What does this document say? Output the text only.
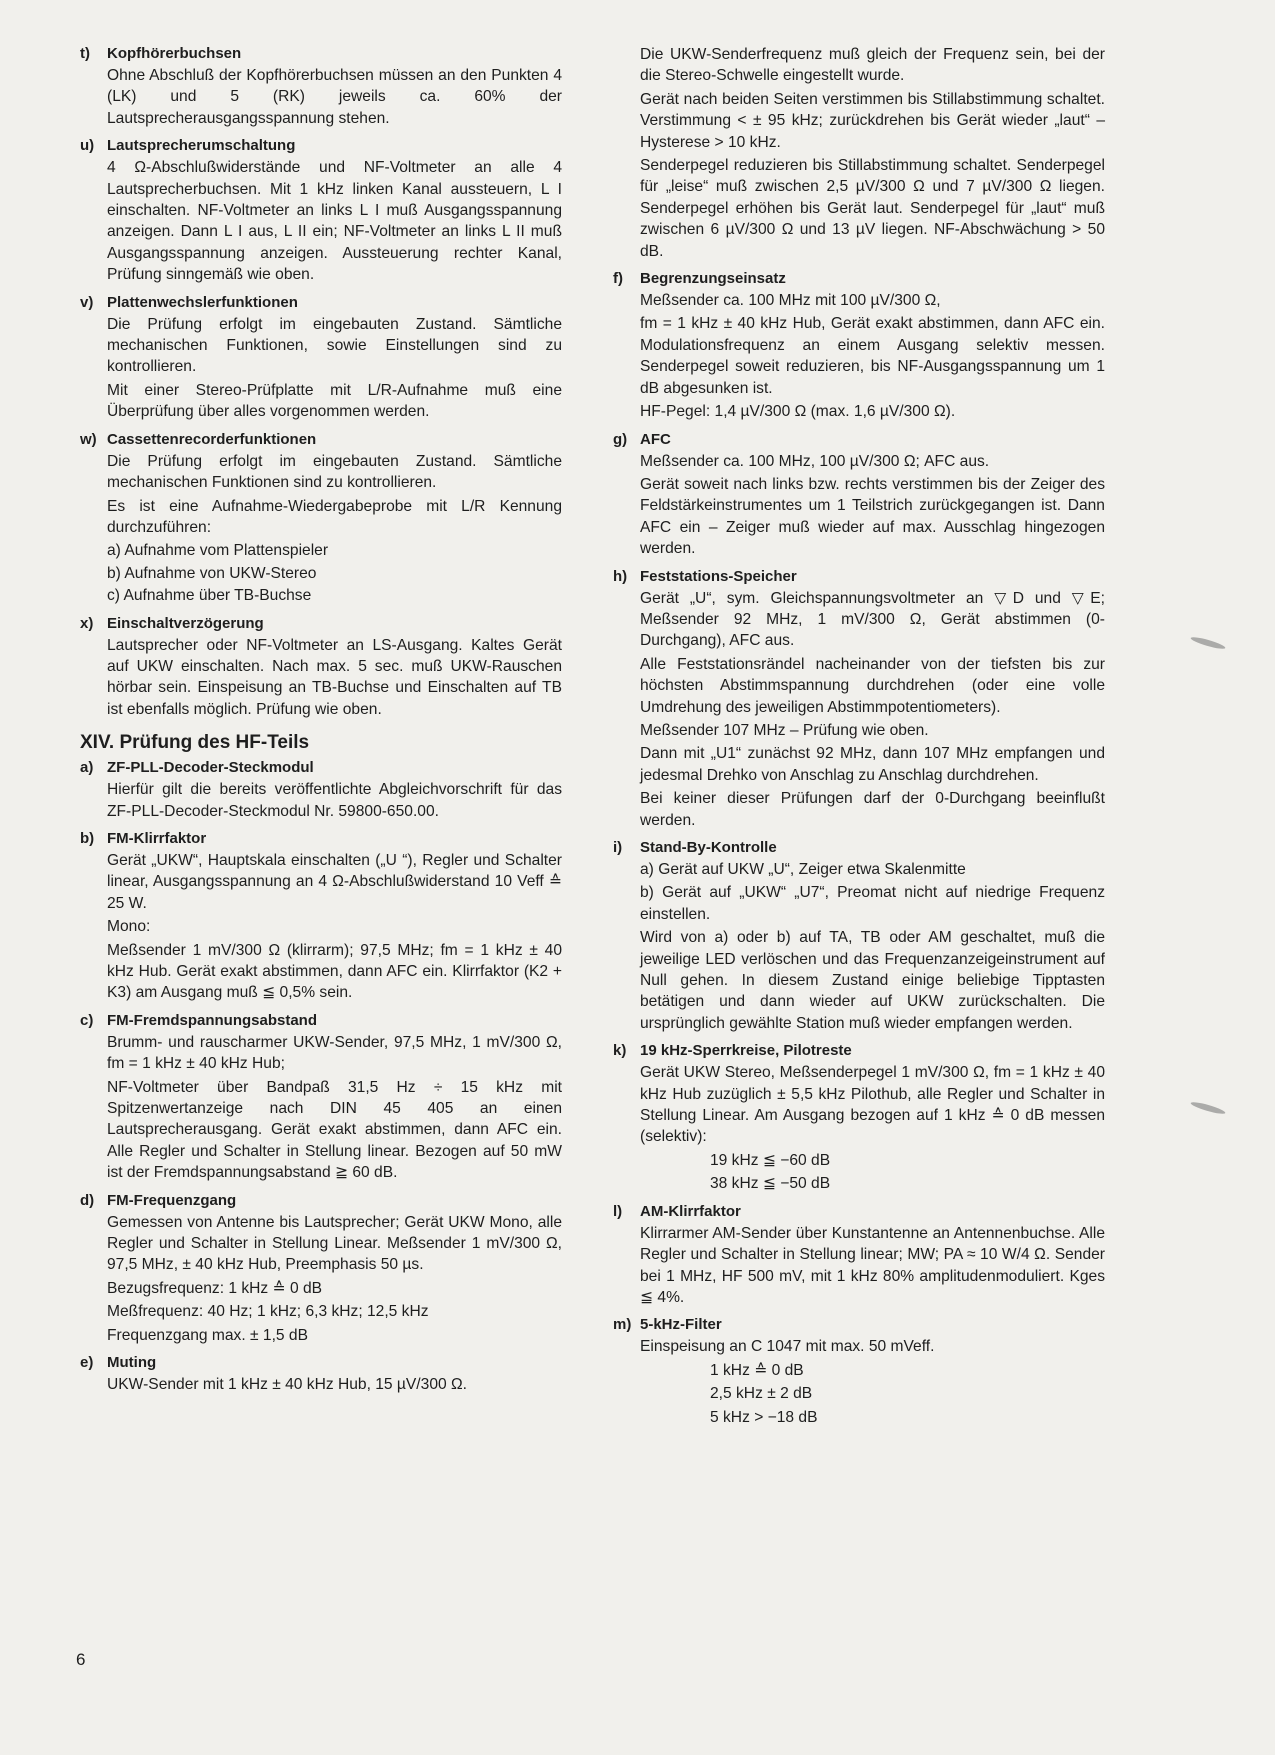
t)	Kopfhörerbuchsen
Ohne Abschluß der Kopfhörerbuchsen müssen an den Punkten 4 (LK) und 5 (RK) jeweils ca. 60% der Lautsprecherausgangsspannung stehen.
u) Lautsprecherumschaltung
4 Ω-Abschlußwiderstände und NF-Voltmeter an alle 4 Lautsprecherbuchsen. Mit 1 kHz linken Kanal aussteuern, L I einschalten. NF-Voltmeter an links L I muß Ausgangsspannung anzeigen. Dann L I aus, L II ein; NF-Voltmeter an links L II muß Ausgangsspannung anzeigen. Aussteuerung rechter Kanal, Prüfung sinngemäß wie oben.
v) Plattenwechslerfunktionen
Die Prüfung erfolgt im eingebauten Zustand. Sämtliche mechanischen Funktionen, sowie Einstellungen sind zu kontrollieren.
Mit einer Stereo-Prüfplatte mit L/R-Aufnahme muß eine Überprüfung über alles vorgenommen werden.
w) Cassettenrecorderfunktionen
Die Prüfung erfolgt im eingebauten Zustand. Sämtliche mechanischen Funktionen sind zu kontrollieren.
Es ist eine Aufnahme-Wiedergabeprobe mit L/R Kennung durchzuführen:
a) Aufnahme vom Plattenspieler
b) Aufnahme von UKW-Stereo
c) Aufnahme über TB-Buchse
x) Einschaltverzögerung
Lautsprecher oder NF-Voltmeter an LS-Ausgang. Kaltes Gerät auf UKW einschalten. Nach max. 5 sec. muß UKW-Rauschen hörbar sein. Einspeisung an TB-Buchse und Einschalten auf TB ist ebenfalls möglich. Prüfung wie oben.
XIV. Prüfung des HF-Teils
a) ZF-PLL-Decoder-Steckmodul
Hierfür gilt die bereits veröffentlichte Abgleichvorschrift für das ZF-PLL-Decoder-Steckmodul Nr. 59800-650.00.
b) FM-Klirrfaktor
Gerät „UKW“, Hauptskala einschalten („U “), Regler und Schalter linear, Ausgangsspannung an 4 Ω-Abschlußwiderstand 10 Veff ≙ 25 W.
Mono:
Meßsender 1 mV/300 Ω (klirrarm); 97,5 MHz; fm = 1 kHz ± 40 kHz Hub. Gerät exakt abstimmen, dann AFC ein. Klirrfaktor (K2 + K3) am Ausgang muß ≦ 0,5% sein.
c) FM-Fremdspannungsabstand
Brumm- und rauscharmer UKW-Sender, 97,5 MHz, 1 mV/300 Ω, fm = 1 kHz ± 40 kHz Hub;
NF-Voltmeter über Bandpaß 31,5 Hz ÷ 15 kHz mit Spitzenwertanzeige nach DIN 45 405 an einen Lautsprecherausgang. Gerät exakt abstimmen, dann AFC ein. Alle Regler und Schalter in Stellung linear. Bezogen auf 50 mW ist der Fremdspannungsabstand ≧ 60 dB.
d) FM-Frequenzgang
Gemessen von Antenne bis Lautsprecher; Gerät UKW Mono, alle Regler und Schalter in Stellung Linear. Meßsender 1 mV/300 Ω, 97,5 MHz, ± 40 kHz Hub, Preemphasis 50 µs.
Bezugsfrequenz: 1 kHz ≙ 0 dB
Meßfrequenz: 40 Hz; 1 kHz; 6,3 kHz; 12,5 kHz
Frequenzgang max. ± 1,5 dB
e) Muting
UKW-Sender mit 1 kHz ± 40 kHz Hub, 15 µV/300 Ω.
Die UKW-Senderfrequenz muß gleich der Frequenz sein, bei der die Stereo-Schwelle eingestellt wurde.
Gerät nach beiden Seiten verstimmen bis Stillabstimmung schaltet. Verstimmung < ± 95 kHz; zurückdrehen bis Gerät wieder „laut“ – Hysterese > 10 kHz.
Senderpegel reduzieren bis Stillabstimmung schaltet. Senderpegel für „leise“ muß zwischen 2,5 µV/300 Ω und 7 µV/300 Ω liegen. Senderpegel erhöhen bis Gerät laut. Senderpegel für „laut“ muß zwischen 6 µV/300 Ω und 13 µV liegen. NF-Abschwächung > 50 dB.
f)	Begrenzungseinsatz
Meßsender ca. 100 MHz mit 100 µV/300 Ω,
fm = 1 kHz ± 40 kHz Hub, Gerät exakt abstimmen, dann AFC ein. Modulationsfrequenz an einem Ausgang selektiv messen. Senderpegel soweit reduzieren, bis NF-Ausgangsspannung um 1 dB abgesunken ist.
HF-Pegel: 1,4 µV/300 Ω (max. 1,6 µV/300 Ω).
g) AFC
Meßsender ca. 100 MHz, 100 µV/300 Ω; AFC aus.
Gerät soweit nach links bzw. rechts verstimmen bis der Zeiger des Feldstärkeinstrumentes um 1 Teilstrich zurückgegangen ist. Dann AFC ein – Zeiger muß wieder auf max. Ausschlag hingezogen werden.
h) Feststations-Speicher
Gerät „U“, sym. Gleichspannungsvoltmeter an ▽D und ▽E; Meßsender 92 MHz, 1 mV/300 Ω, Gerät abstimmen (0-Durchgang), AFC aus.
Alle Feststationsrändel nacheinander von der tiefsten bis zur höchsten Abstimmspannung durchdrehen (oder eine volle Umdrehung des jeweiligen Abstimmpotentiometers).
Meßsender 107 MHz – Prüfung wie oben.
Dann mit „U1“ zunächst 92 MHz, dann 107 MHz empfangen und jedesmal Drehko von Anschlag zu Anschlag durchdrehen.
Bei keiner dieser Prüfungen darf der 0-Durchgang beeinflußt werden.
i)	Stand-By-Kontrolle
a) Gerät auf UKW „U“, Zeiger etwa Skalenmitte
b) Gerät auf „UKW“ „U7“, Preomat nicht auf niedrige Frequenz einstellen.
Wird von a) oder b) auf TA, TB oder AM geschaltet, muß die jeweilige LED verlöschen und das Frequenzanzeigeinstrument auf Null gehen. In diesem Zustand einige beliebige Tipptasten betätigen und dann wieder auf UKW zurückschalten. Die ursprünglich gewählte Station muß wieder empfangen werden.
k) 19 kHz-Sperrkreise, Pilotreste
Gerät UKW Stereo, Meßsenderpegel 1 mV/300 Ω, fm = 1 kHz ± 40 kHz Hub zuzüglich ± 5,5 kHz Pilothub, alle Regler und Schalter in Stellung Linear. Am Ausgang bezogen auf 1 kHz ≙ 0 dB messen (selektiv):
19 kHz ≦ −60 dB
38 kHz ≦ −50 dB
l)	AM-Klirrfaktor
Klirrarmer AM-Sender über Kunstantenne an Antennenbuchse. Alle Regler und Schalter in Stellung linear; MW; PA ≈ 10 W/4 Ω. Sender bei 1 MHz, HF 500 mV, mit 1 kHz 80% amplitudenmoduliert. Kges ≦ 4%.
m) 5-kHz-Filter
Einspeisung an C 1047 mit max. 50 mVeff.
1 kHz ≙ 0 dB
2,5 kHz ± 2 dB
5 kHz > −18 dB
6
